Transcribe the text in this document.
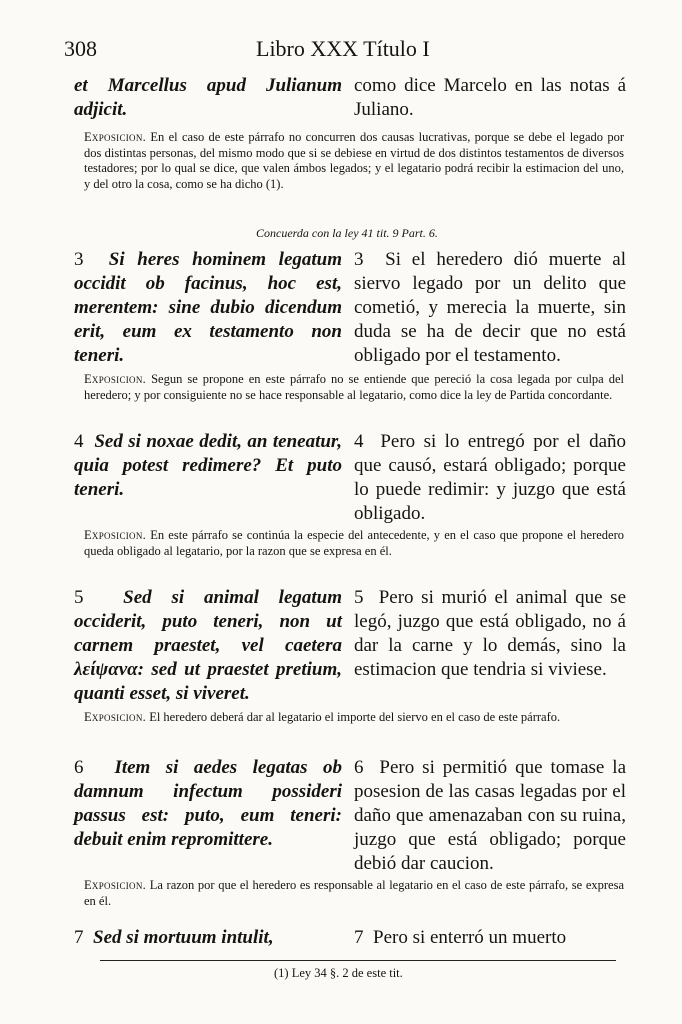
308	Libro XXX Título I

et Marcellus apud Julianum adjicit.

como dice Marcelo en las notas á Juliano.

Exposicion. En el caso de este párrafo no concurren dos causas lucrativas, porque se debe el legado por dos distintas personas, del mismo modo que si se debiese en virtud de dos distintos testamentos de diversos testadores; por lo qual se dice, que valen ámbos legados; y el legatario podrá recibir la estimacion del uno, y del otro la cosa, como se ha dicho (1).

Concuerda con la ley 41 tit. 9 Part. 6.

3 Si heres hominem legatum occidit ob facinus, hoc est, merentem: sine dubio dicendum erit, eum ex testamento non teneri.

3 Si el heredero dió muerte al siervo legado por un delito que cometió, y merecia la muerte, sin duda se ha de decir que no está obligado por el testamento.

Exposicion. Segun se propone en este párrafo no se entiende que pereció la cosa legada por culpa del heredero; y por consiguiente no se hace responsable al legatario, como dice la ley de Partida concordante.

4 Sed si noxae dedit, an teneatur, quia potest redimere? Et puto teneri.

4 Pero si lo entregó por el daño que causó, estará obligado; porque lo puede redimir: y juzgo que está obligado.

Exposicion. En este párrafo se continúa la especie del antecedente, y en el caso que propone el heredero queda obligado al legatario, por la razon que se expresa en él.

5 Sed si animal legatum occiderit, puto teneri, non ut carnem praestet, vel caetera λείψανα: sed ut praestet pretium, quanti esset, si viveret.

5 Pero si murió el animal que se legó, juzgo que está obligado, no á dar la carne y lo demás, sino la estimacion que tendria si viviese.

Exposicion. El heredero deberá dar al legatario el importe del siervo en el caso de este párrafo.

6 Item si aedes legatas ob damnum infectum possideri passus est: puto, eum teneri: debuit enim repromittere.

6 Pero si permitió que tomase la posesion de las casas legadas por el daño que amenazaban con su ruina, juzgo que está obligado; porque debió dar caucion.

Exposicion. La razon por que el heredero es responsable al legatario en el caso de este párrafo, se expresa en él.

7 Sed si mortuum intulit,	7 Pero si enterró un muerto

(1) Ley 34 §. 2 de este tit.
